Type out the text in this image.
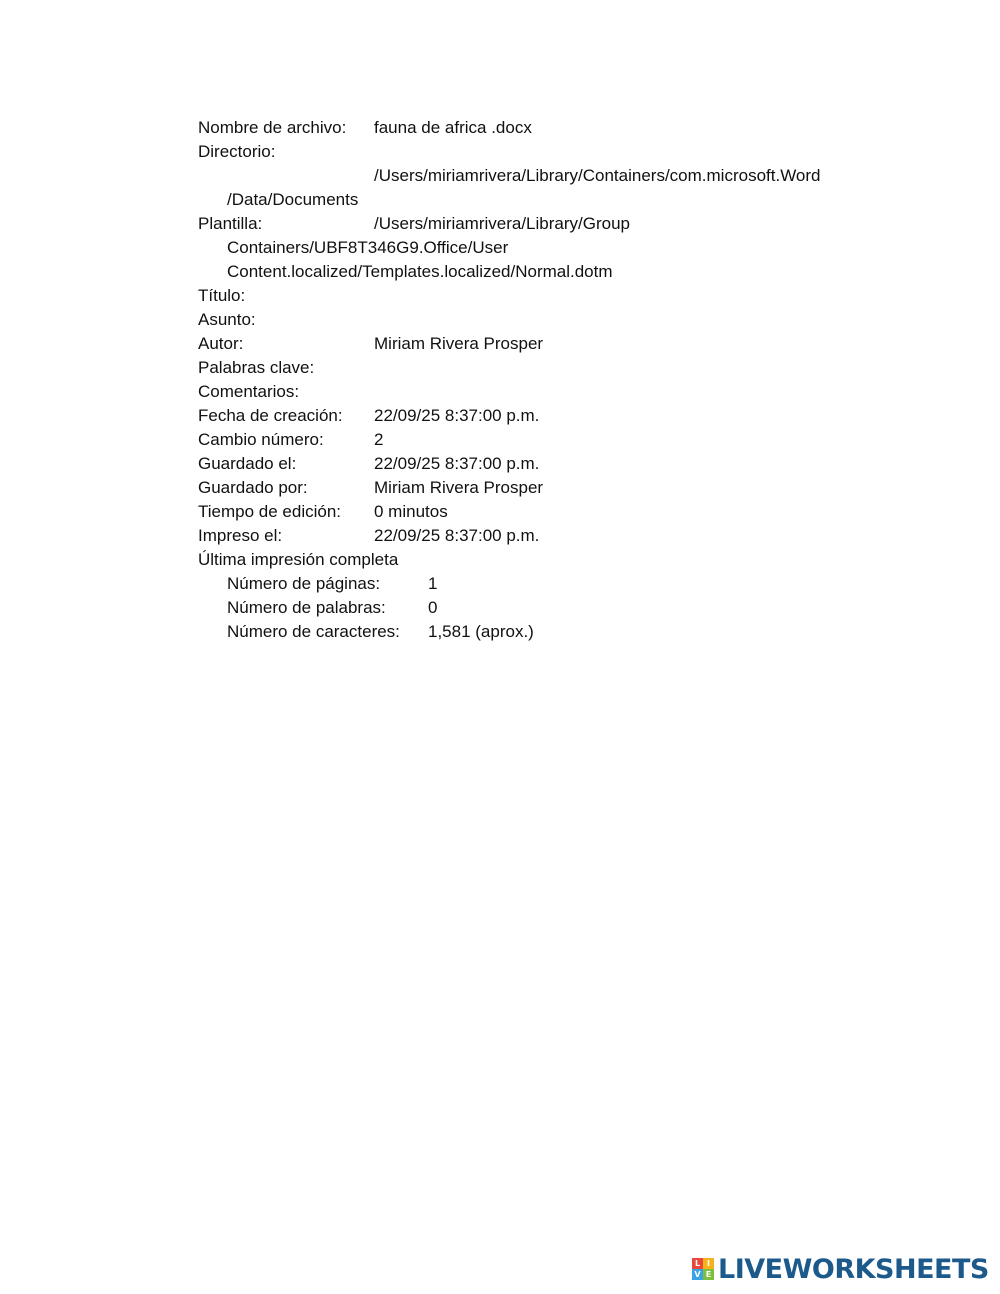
Nombre de archivo: fauna de africa .docx
Directorio:
/Users/miriamrivera/Library/Containers/com.microsoft.Word
/Data/Documents
Plantilla:	/Users/miriamrivera/Library/Group
Containers/UBF8T346G9.Office/User
Content.localized/Templates.localized/Normal.dotm
Título:
Asunto:
Autor:	Miriam Rivera Prosper
Palabras clave:
Comentarios:
Fecha de creación: 22/09/25 8:37:00 p.m.
Cambio número:	2
Guardado el:	22/09/25 8:37:00 p.m.
Guardado por:	Miriam Rivera Prosper
Tiempo de edición: 0 minutos
Impreso el:	22/09/25 8:37:00 p.m.
Última impresión completa
Número de páginas:	1
Número de palabras: 0
Número de caracteres: 1,581 (aprox.)
L I
V E LIVEWORKSHEETS
